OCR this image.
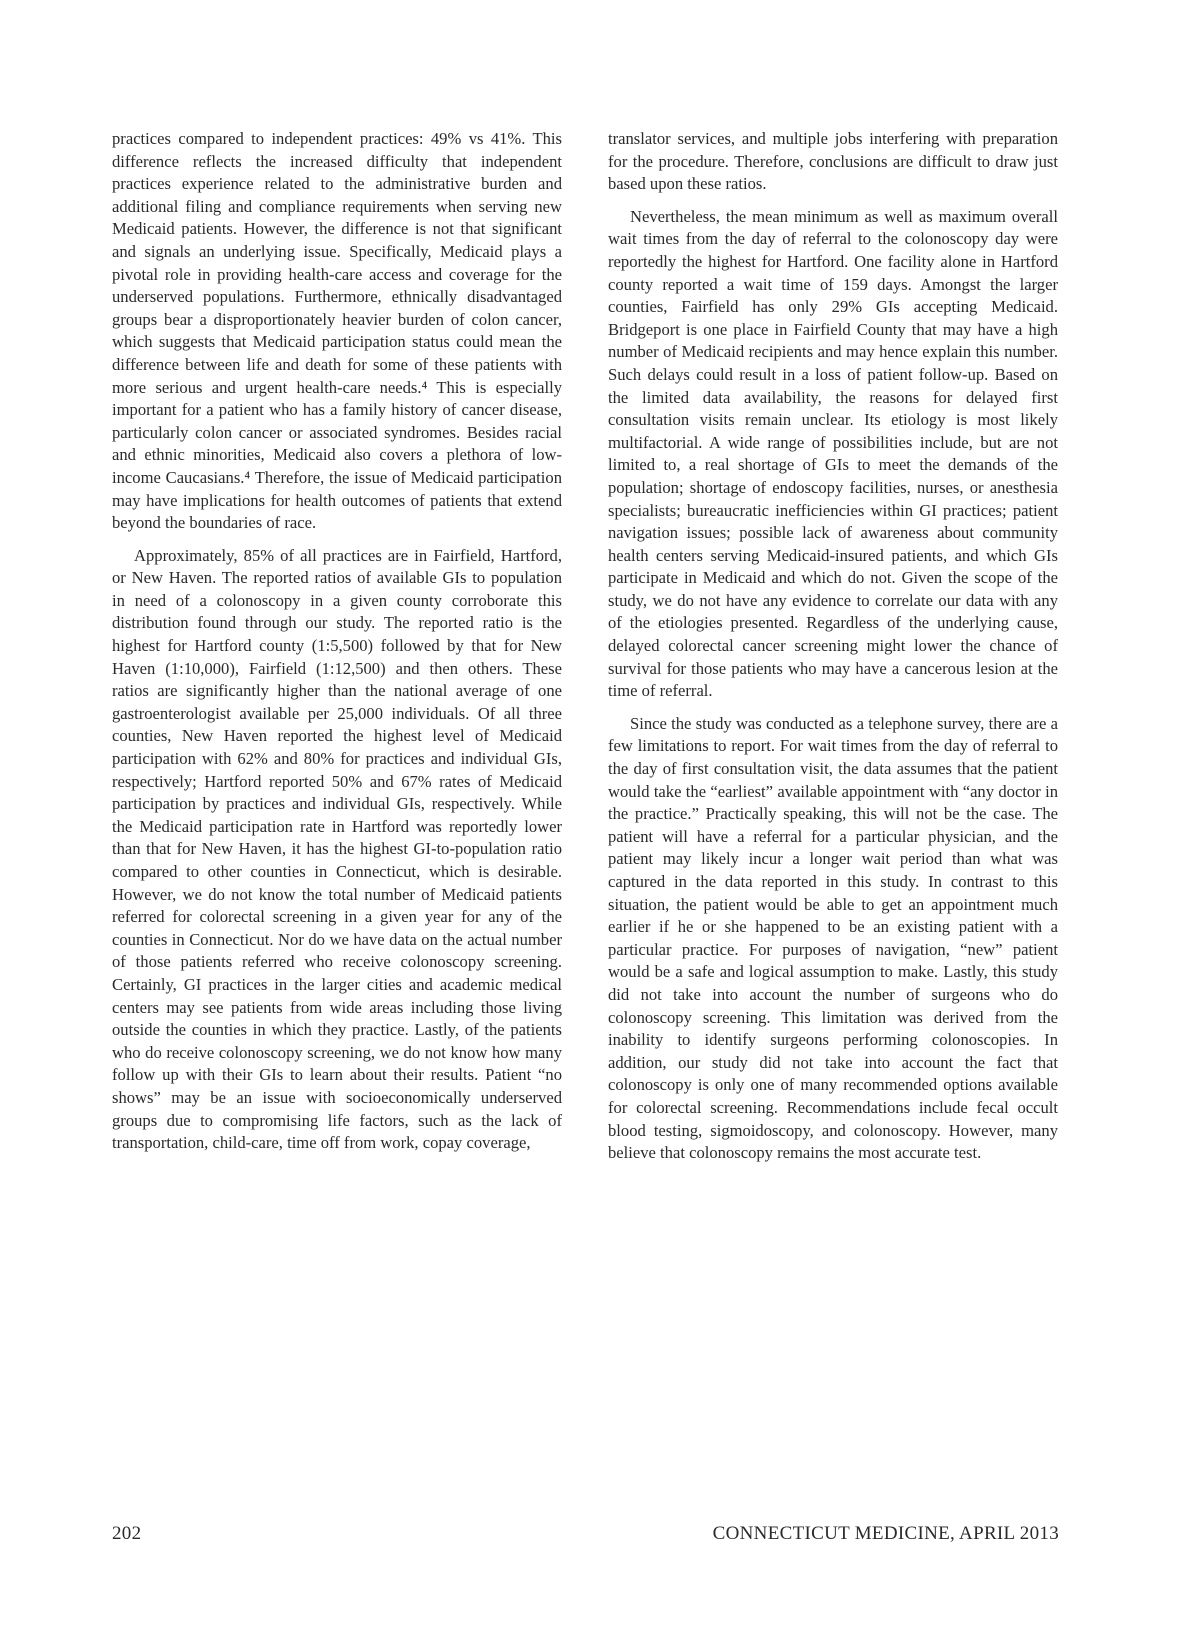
practices compared to independent practices: 49% vs 41%. This difference reflects the increased difficulty that independent practices experience related to the administrative burden and additional filing and compliance requirements when serving new Medicaid patients. However, the difference is not that significant and signals an underlying issue. Specifically, Medicaid plays a pivotal role in providing health-care access and coverage for the underserved populations. Furthermore, ethnically disadvantaged groups bear a disproportionately heavier burden of colon cancer, which suggests that Medicaid participation status could mean the difference between life and death for some of these patients with more serious and urgent health-care needs.⁴ This is especially important for a patient who has a family history of cancer disease, particularly colon cancer or associated syndromes. Besides racial and ethnic minorities, Medicaid also covers a plethora of low-income Caucasians.⁴ Therefore, the issue of Medicaid participation may have implications for health outcomes of patients that extend beyond the boundaries of race.

Approximately, 85% of all practices are in Fairfield, Hartford, or New Haven. The reported ratios of available GIs to population in need of a colonoscopy in a given county corroborate this distribution found through our study. The reported ratio is the highest for Hartford county (1:5,500) followed by that for New Haven (1:10,000), Fairfield (1:12,500) and then others. These ratios are significantly higher than the national average of one gastroenterologist available per 25,000 individuals. Of all three counties, New Haven reported the highest level of Medicaid participation with 62% and 80% for practices and individual GIs, respectively; Hartford reported 50% and 67% rates of Medicaid participation by practices and individual GIs, respectively. While the Medicaid participation rate in Hartford was reportedly lower than that for New Haven, it has the highest GI-to-population ratio compared to other counties in Connecticut, which is desirable. However, we do not know the total number of Medicaid patients referred for colorectal screening in a given year for any of the counties in Connecticut. Nor do we have data on the actual number of those patients referred who receive colonoscopy screening. Certainly, GI practices in the larger cities and academic medical centers may see patients from wide areas including those living outside the counties in which they practice. Lastly, of the patients who do receive colonoscopy screening, we do not know how many follow up with their GIs to learn about their results. Patient “no shows” may be an issue with socioeconomically underserved groups due to compromising life factors, such as the lack of transportation, child-care, time off from work, copay coverage,

translator services, and multiple jobs interfering with preparation for the procedure. Therefore, conclusions are difficult to draw just based upon these ratios.

Nevertheless, the mean minimum as well as maximum overall wait times from the day of referral to the colonoscopy day were reportedly the highest for Hartford. One facility alone in Hartford county reported a wait time of 159 days. Amongst the larger counties, Fairfield has only 29% GIs accepting Medicaid. Bridgeport is one place in Fairfield County that may have a high number of Medicaid recipients and may hence explain this number. Such delays could result in a loss of patient follow-up. Based on the limited data availability, the reasons for delayed first consultation visits remain unclear. Its etiology is most likely multifactorial. A wide range of possibilities include, but are not limited to, a real shortage of GIs to meet the demands of the population; shortage of endoscopy facilities, nurses, or anesthesia specialists; bureaucratic inefficiencies within GI practices; patient navigation issues; possible lack of awareness about community health centers serving Medicaid-insured patients, and which GIs participate in Medicaid and which do not. Given the scope of the study, we do not have any evidence to correlate our data with any of the etiologies presented. Regardless of the underlying cause, delayed colorectal cancer screening might lower the chance of survival for those patients who may have a cancerous lesion at the time of referral.

Since the study was conducted as a telephone survey, there are a few limitations to report. For wait times from the day of referral to the day of first consultation visit, the data assumes that the patient would take the “earliest” available appointment with “any doctor in the practice.” Practically speaking, this will not be the case. The patient will have a referral for a particular physician, and the patient may likely incur a longer wait period than what was captured in the data reported in this study. In contrast to this situation, the patient would be able to get an appointment much earlier if he or she happened to be an existing patient with a particular practice. For purposes of navigation, “new” patient would be a safe and logical assumption to make. Lastly, this study did not take into account the number of surgeons who do colonoscopy screening. This limitation was derived from the inability to identify surgeons performing colonoscopies. In addition, our study did not take into account the fact that colonoscopy is only one of many recommended options available for colorectal screening. Recommendations include fecal occult blood testing, sigmoidoscopy, and colonoscopy. However, many believe that colonoscopy remains the most accurate test.

202	CONNECTICUT MEDICINE, APRIL 2013
